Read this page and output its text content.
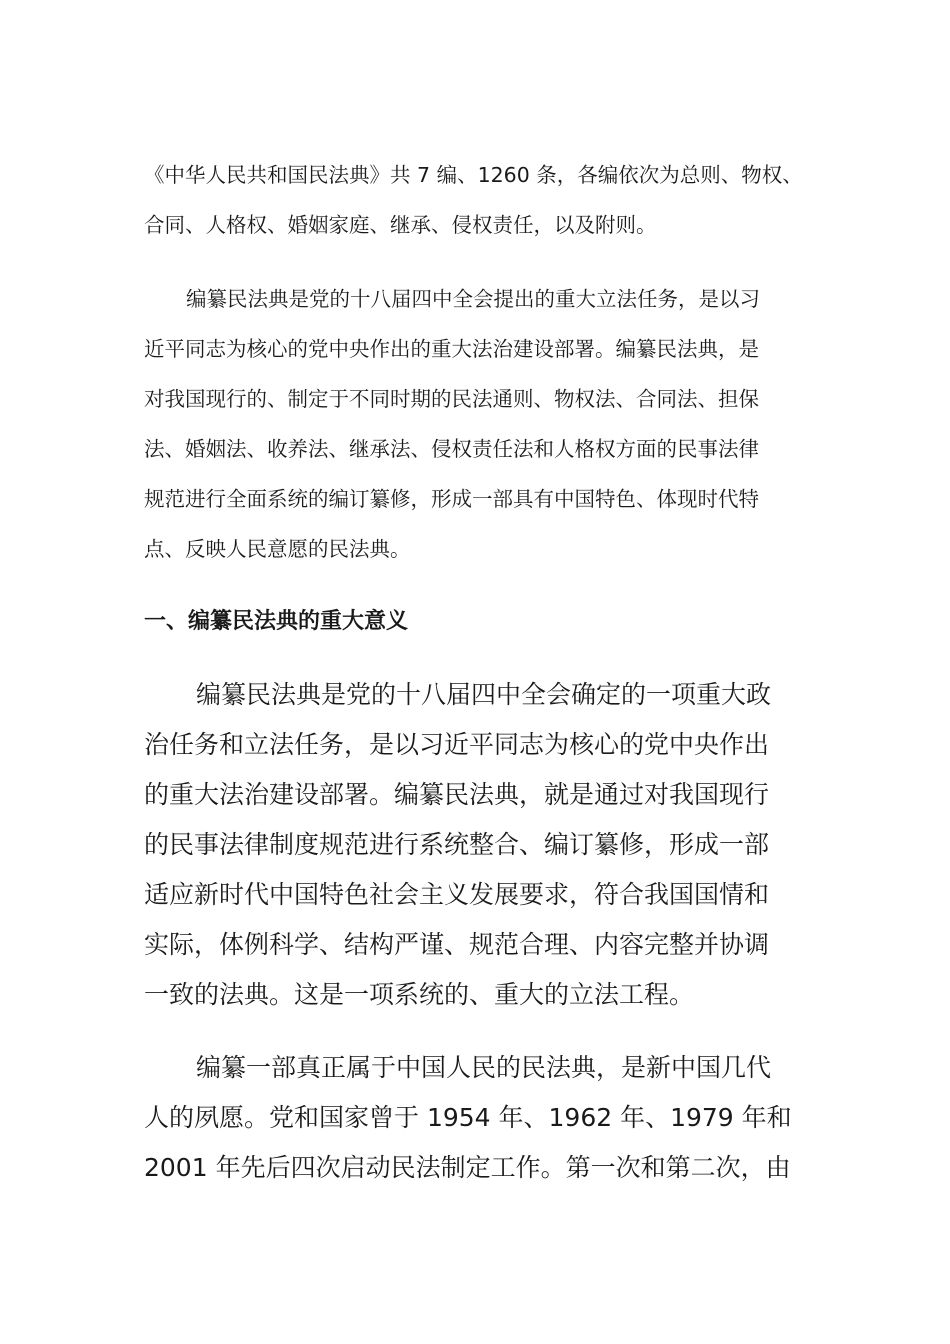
《中华人民共和国民法典》共 7 编、1260 条，各编依次为总则、物权、
合同、人格权、婚姻家庭、继承、侵权责任，以及附则。
编纂民法典是党的十八届四中全会提出的重大立法任务，是以习
近平同志为核心的党中央作出的重大法治建设部署。编纂民法典，是
对我国现行的、制定于不同时期的民法通则、物权法、合同法、担保
法、婚姻法、收养法、继承法、侵权责任法和人格权方面的民事法律
规范进行全面系统的编订纂修，形成一部具有中国特色、体现时代特
点、反映人民意愿的民法典。
一、编纂民法典的重大意义
编纂民法典是党的十八届四中全会确定的一项重大政
治任务和立法任务，是以习近平同志为核心的党中央作出
的重大法治建设部署。编纂民法典，就是通过对我国现行
的民事法律制度规范进行系统整合、编订纂修，形成一部
适应新时代中国特色社会主义发展要求，符合我国国情和
实际，体例科学、结构严谨、规范合理、内容完整并协调
一致的法典。这是一项系统的、重大的立法工程。
编纂一部真正属于中国人民的民法典，是新中国几代
人的夙愿。党和国家曾于 1954 年、1962 年、1979 年和
2001 年先后四次启动民法制定工作。第一次和第二次，由
